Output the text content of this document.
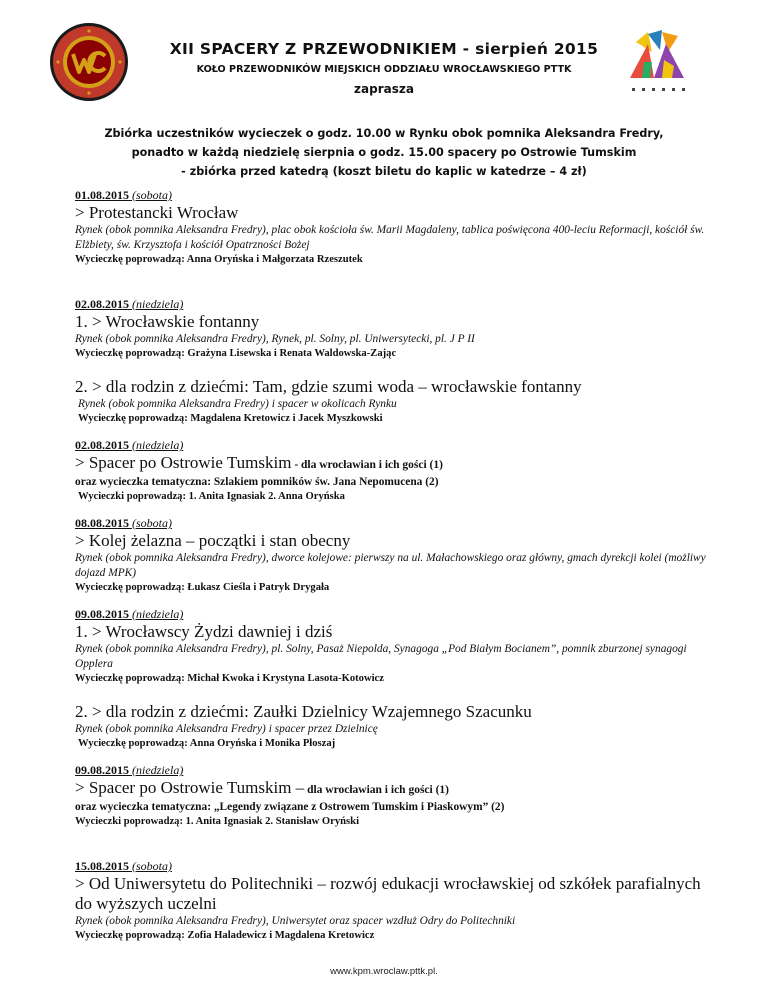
XII SPACERY Z PRZEWODNIKIEM - sierpień 2015
KOŁO PRZEWODNIKÓW MIEJSKICH ODDZIAŁU WROCŁAWSKIEGO PTTK
zaprasza
Zbiórka uczestników wycieczek o godz. 10.00 w Rynku obok pomnika Aleksandra Fredry,
ponadto w każdą niedzielę sierpnia o godz. 15.00 spacery po Ostrowie Tumskim
- zbiórka przed katedrą (koszt biletu do kaplic w katedrze – 4 zł)
01.08.2015 (sobota)
> Protestancki Wrocław
Rynek (obok pomnika Aleksandra Fredry), plac obok kościoła św. Marii Magdaleny, tablica poświęcona 400-leciu Reformacji, kościół św. Elżbiety, św. Krzysztofa i kościół Opatrzności Bożej
Wycieczkę poprowadzą: Anna Oryńska i Małgorzata Rzeszutek
02.08.2015 (niedziela)
1. > Wrocławskie fontanny
Rynek (obok pomnika Aleksandra Fredry), Rynek, pl. Solny, pl. Uniwersytecki, pl. J P II
Wycieczkę poprowadzą: Grażyna Lisewska i Renata Waldowska-Zając
2. > dla rodzin z dziećmi: Tam, gdzie szumi woda – wrocławskie fontanny
Rynek (obok pomnika Aleksandra Fredry) i spacer w okolicach Rynku
Wycieczkę poprowadzą: Magdalena Kretowicz i Jacek Myszkowski
02.08.2015 (niedziela)
> Spacer po Ostrowie Tumskim - dla wrocławian i ich gości (1)
oraz wycieczka tematyczna: Szlakiem pomników św. Jana Nepomucena (2)
Wycieczki poprowadzą: 1. Anita Ignasiak 2. Anna Oryńska
08.08.2015 (sobota)
> Kolej żelazna – początki i stan obecny
Rynek (obok pomnika Aleksandra Fredry), dworce kolejowe: pierwszy na ul. Małachowskiego oraz główny, gmach dyrekcji kolei (możliwy dojazd MPK)
Wycieczkę poprowadzą: Łukasz Cieśla i Patryk Drygała
09.08.2015 (niedziela)
1. > Wrocławscy Żydzi dawniej i dziś
Rynek (obok pomnika Aleksandra Fredry), pl. Solny, Pasaż Niepolda, Synagoga „Pod Białym Bocianem”, pomnik zburzonej synagogi Opplera
Wycieczkę poprowadzą: Michał Kwoka i Krystyna Lasota-Kotowicz
2. > dla rodzin z dziećmi: Zaułki Dzielnicy Wzajemnego Szacunku
Rynek (obok pomnika Aleksandra Fredry) i spacer przez Dzielnicę
Wycieczkę poprowadzą: Anna Oryńska i Monika Płoszaj
09.08.2015 (niedziela)
> Spacer po Ostrowie Tumskim – dla wrocławian i ich gości (1)
oraz wycieczka tematyczna: „Legendy związane z Ostrowem Tumskim i Piaskowym” (2)
Wycieczki poprowadzą: 1. Anita Ignasiak 2. Stanisław Oryński
15.08.2015 (sobota)
> Od Uniwersytetu do Politechniki – rozwój edukacji wrocławskiej od szkółek parafialnych do wyższych uczelni
Rynek (obok pomnika Aleksandra Fredry), Uniwersytet oraz spacer wzdłuż Odry do Politechniki
Wycieczkę poprowadzą: Zofia Haladewicz i Magdalena Kretowicz
www.kpm.wroclaw.pttk.pl.
